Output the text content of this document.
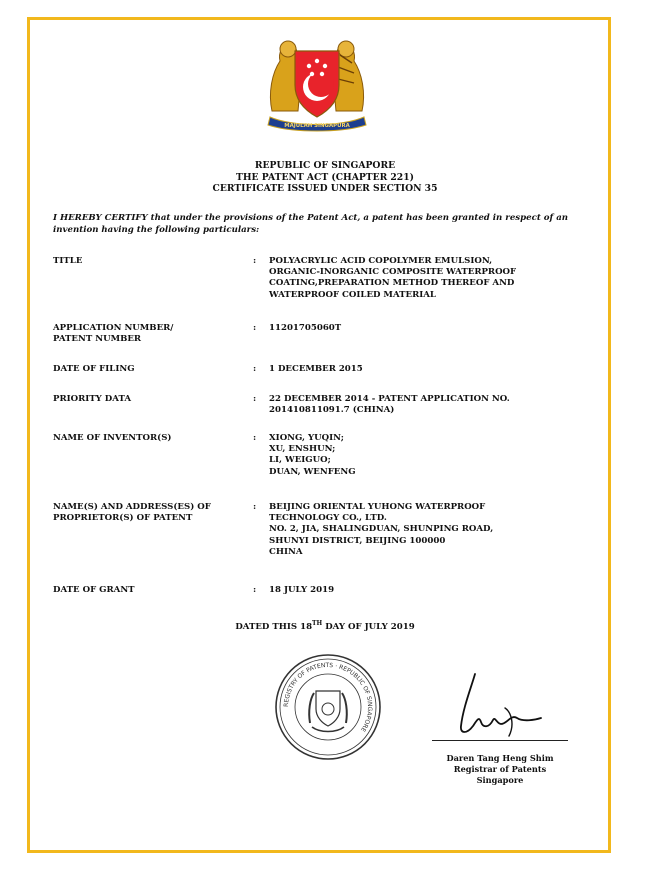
MAJULAH SINGAPURA
REPUBLIC OF SINGAPORE
THE PATENT ACT (CHAPTER 221)
CERTIFICATE ISSUED UNDER SECTION 35
I HEREBY CERTIFY that under the provisions of the Patent Act, a patent has been granted in respect of an invention having the following particulars:
TITLE	: POLYACRYLIC ACID COPOLYMER EMULSION,
ORGANIC-INORGANIC COMPOSITE WATERPROOF
COATING,PREPARATION METHOD THEREOF AND
WATERPROOF COILED MATERIAL
APPLICATION NUMBER/
PATENT NUMBER
: 11201705060T
DATE OF FILING	: 1 DECEMBER 2015
PRIORITY DATA	: 22 DECEMBER 2014 - PATENT APPLICATION NO.
201410811091.7 (CHINA)
NAME OF INVENTOR(S)	: XIONG, YUQIN;
XU, ENSHUN;
LI, WEIGUO;
DUAN, WENFENG
NAME(S) AND ADDRESS(ES) OF
PROPRIETOR(S) OF PATENT
: BEIJING ORIENTAL YUHONG WATERPROOF
TECHNOLOGY CO., LTD.
NO. 2, JIA, SHALINGDUAN, SHUNPING ROAD,
SHUNYI DISTRICT, BEIJING 100000
CHINA
DATE OF GRANT	: 18 JULY 2019
DATED THIS 18TH DAY OF JULY 2019
REGISTRY OF PATENTS · REPUBLIC OF SINGAPORE
Daren Tang Heng Shim
Registrar of Patents
Singapore
